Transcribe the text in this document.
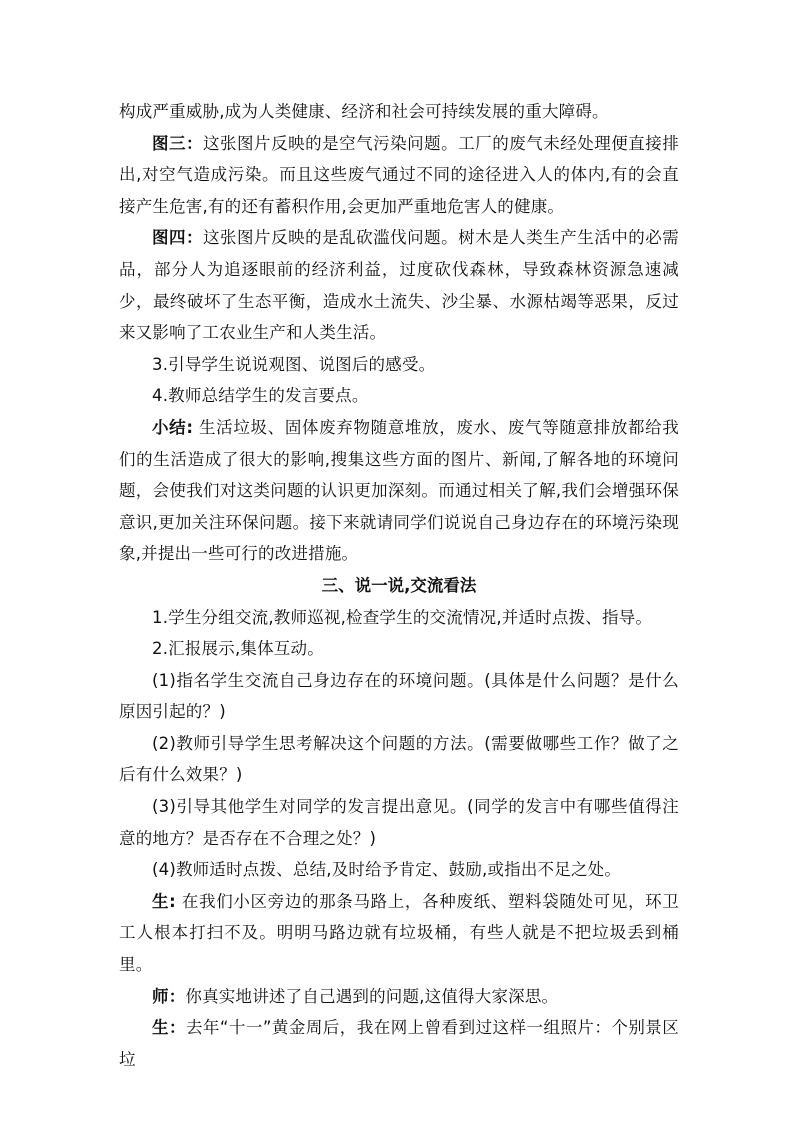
构成严重威胁,成为人类健康、经济和社会可持续发展的重大障碍。

图三：这张图片反映的是空气污染问题。工厂的废气未经处理便直接排出,对空气造成污染。而且这些废气通过不同的途径进入人的体内,有的会直接产生危害,有的还有蓄积作用,会更加严重地危害人的健康。

图四：这张图片反映的是乱砍滥伐问题。树木是人类生产生活中的必需品，部分人为追逐眼前的经济利益，过度砍伐森林，导致森林资源急速减少，最终破坏了生态平衡，造成水土流失、沙尘暴、水源枯竭等恶果，反过来又影响了工农业生产和人类生活。

3.引导学生说说观图、说图后的感受。

4.教师总结学生的发言要点。

小结: 生活垃圾、固体废弃物随意堆放，废水、废气等随意排放都给我们的生活造成了很大的影响,搜集这些方面的图片、新闻,了解各地的环境问题，会使我们对这类问题的认识更加深刻。而通过相关了解,我们会增强环保意识,更加关注环保问题。接下来就请同学们说说自己身边存在的环境污染现象,并提出一些可行的改进措施。

三、说一说,交流看法

1.学生分组交流,教师巡视,检查学生的交流情况,并适时点拨、指导。

2.汇报展示,集体互动。

(1)指名学生交流自己身边存在的环境问题。(具体是什么问题？是什么原因引起的？)

(2)教师引导学生思考解决这个问题的方法。(需要做哪些工作？做了之后有什么效果？)

(3)引导其他学生对同学的发言提出意见。(同学的发言中有哪些值得注意的地方？是否存在不合理之处？)

(4)教师适时点拨、总结,及时给予肯定、鼓励,或指出不足之处。

生: 在我们小区旁边的那条马路上，各种废纸、塑料袋随处可见，环卫工人根本打扫不及。明明马路边就有垃圾桶，有些人就是不把垃圾丢到桶里。

师：你真实地讲述了自己遇到的问题,这值得大家深思。

生：去年“十一”黄金周后，我在网上曾看到过这样一组照片：个别景区垃
